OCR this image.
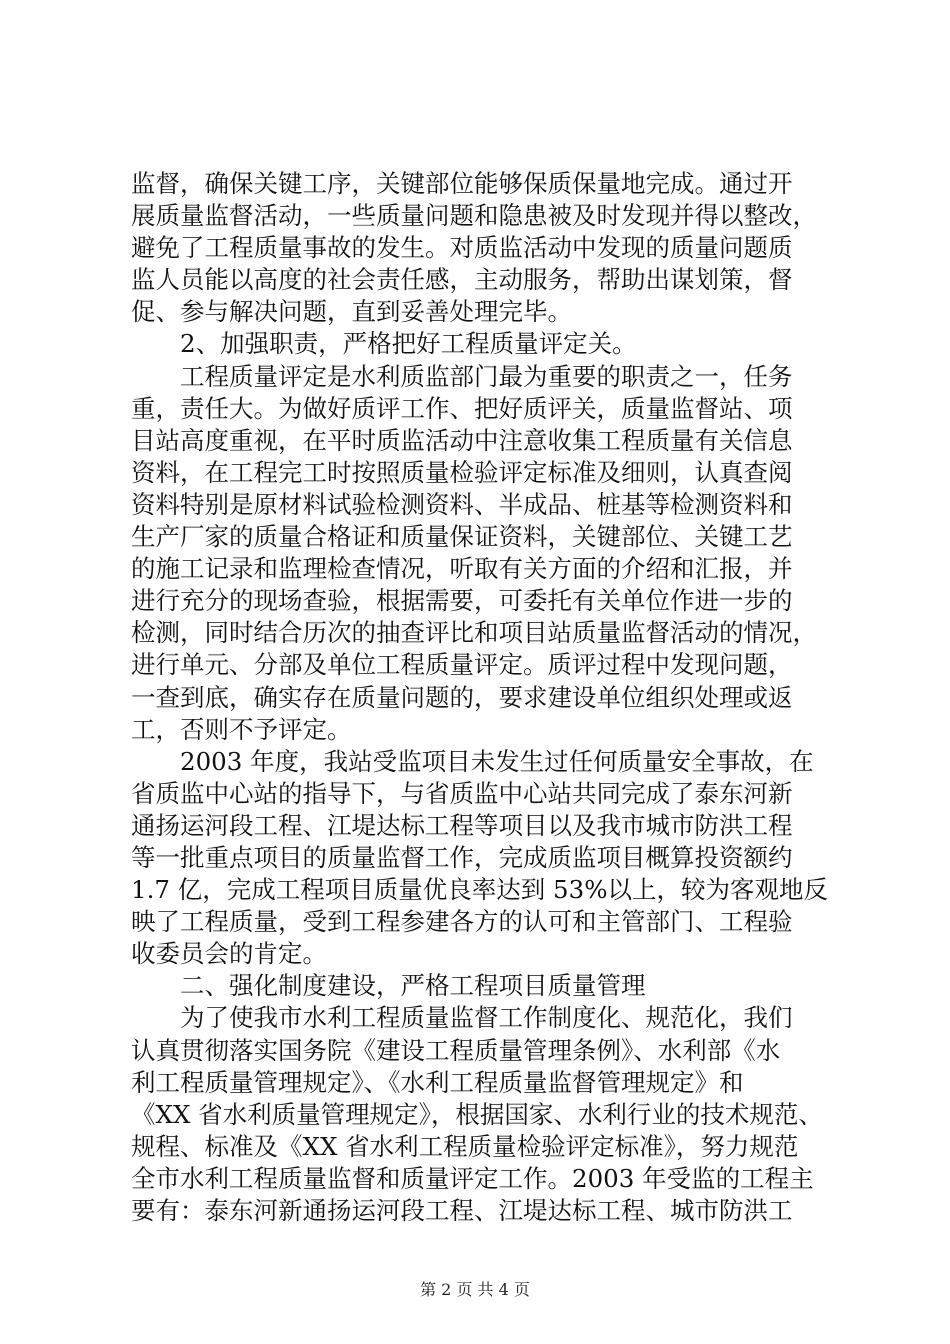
监督，确保关键工序，关键部位能够保质保量地完成。通过开
展质量监督活动，一些质量问题和隐患被及时发现并得以整改，
避免了工程质量事故的发生。对质监活动中发现的质量问题质
监人员能以高度的社会责任感，主动服务，帮助出谋划策，督
促、参与解决问题，直到妥善处理完毕。
　　2、加强职责，严格把好工程质量评定关。
　　工程质量评定是水利质监部门最为重要的职责之一，任务
重，责任大。为做好质评工作、把好质评关，质量监督站、项
目站高度重视，在平时质监活动中注意收集工程质量有关信息
资料，在工程完工时按照质量检验评定标准及细则，认真查阅
资料特别是原材料试验检测资料、半成品、桩基等检测资料和
生产厂家的质量合格证和质量保证资料，关键部位、关键工艺
的施工记录和监理检查情况，听取有关方面的介绍和汇报，并
进行充分的现场查验，根据需要，可委托有关单位作进一步的
检测，同时结合历次的抽查评比和项目站质量监督活动的情况，
进行单元、分部及单位工程质量评定。质评过程中发现问题，
一查到底，确实存在质量问题的，要求建设单位组织处理或返
工，否则不予评定。
　　2003 年度，我站受监项目未发生过任何质量安全事故，在
省质监中心站的指导下，与省质监中心站共同完成了泰东河新
通扬运河段工程、江堤达标工程等项目以及我市城市防洪工程
等一批重点项目的质量监督工作，完成质监项目概算投资额约
1.7 亿，完成工程项目质量优良率达到 53%以上，较为客观地反
映了工程质量，受到工程参建各方的认可和主管部门、工程验
收委员会的肯定。
　　二、强化制度建设，严格工程项目质量管理
　　为了使我市水利工程质量监督工作制度化、规范化，我们
认真贯彻落实国务院《建设工程质量管理条例》、水利部《水
利工程质量管理规定》、《水利工程质量监督管理规定》和
《XX 省水利质量管理规定》，根据国家、水利行业的技术规范、
规程、标准及《XX 省水利工程质量检验评定标准》，努力规范
全市水利工程质量监督和质量评定工作。2003 年受监的工程主
要有：泰东河新通扬运河段工程、江堤达标工程、城市防洪工
第 2 页 共 4 页
